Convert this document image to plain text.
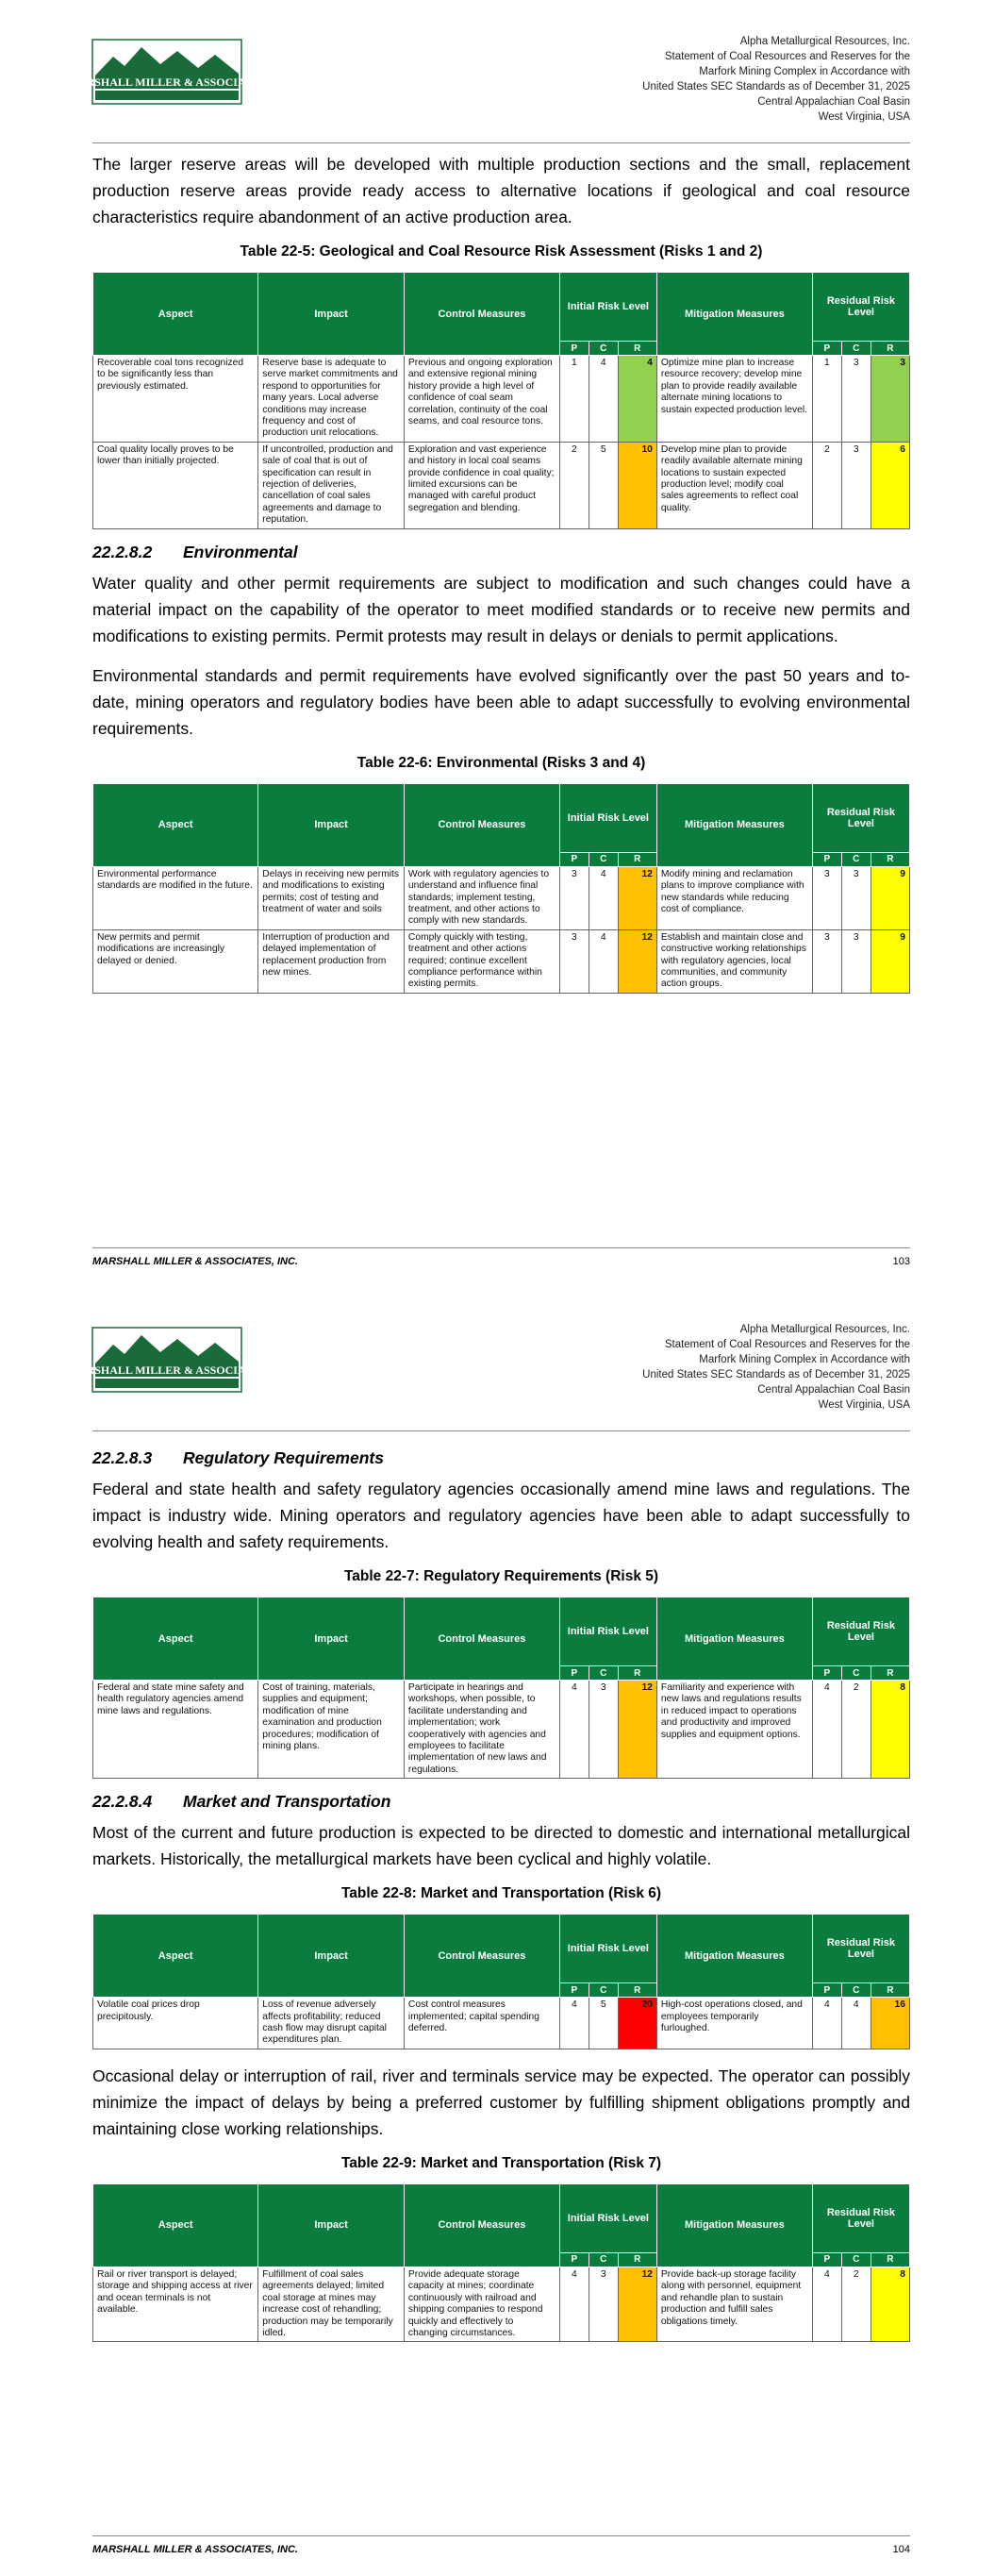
MARSHALL MILLER & ASSOCIATES
Alpha Metallurgical Resources, Inc.
Statement of Coal Resources and Reserves for the
Marfork Mining Complex in Accordance with
United States SEC Standards as of December 31, 2025
Central Appalachian Coal Basin
West Virginia, USA

The larger reserve areas will be developed with multiple production sections and the small, replacement production reserve areas provide ready access to alternative locations if geological and coal resource characteristics require abandonment of an active production area.

Table 22-5: Geological and Coal Resource Risk Assessment (Risks 1 and 2)
Aspect	Impact	Control Measures	Initial Risk Level			Mitigation Measures	Residual Risk Level		
			P	C	R		P	C	R
Recoverable coal tons recognized to be significantly less than previously estimated.	Reserve base is adequate to serve market commitments and respond to opportunities for many years. Local adverse conditions may increase frequency and cost of production unit relocations.	Previous and ongoing exploration and extensive regional mining history provide a high level of confidence of coal seam correlation, continuity of the coal seams, and coal resource tons.	1	4	4	Optimize mine plan to increase resource recovery; develop mine plan to provide readily available alternate mining locations to sustain expected production level.	1	3	3
Coal quality locally proves to be lower than initially projected.	If uncontrolled, production and sale of coal that is out of specification can result in rejection of deliveries, cancellation of coal sales agreements and damage to reputation.	Exploration and vast experience and history in local coal seams provide confidence in coal quality; limited excursions can be managed with careful product segregation and blending.	2	5	10	Develop mine plan to provide readily available alternate mining locations to sustain expected production level; modify coal sales agreements to reflect coal quality.	2	3	6
22.2.8.2 Environmental

Water quality and other permit requirements are subject to modification and such changes could have a material impact on the capability of the operator to meet modified standards or to receive new permits and modifications to existing permits. Permit protests may result in delays or denials to permit applications.

Environmental standards and permit requirements have evolved significantly over the past 50 years and to-date, mining operators and regulatory bodies have been able to adapt successfully to evolving environmental requirements.

Table 22-6: Environmental (Risks 3 and 4)
Aspect	Impact	Control Measures	Initial Risk Level			Mitigation Measures	Residual Risk Level		
			P	C	R		P	C	R
Environmental performance standards are modified in the future.	Delays in receiving new permits and modifications to existing permits; cost of testing and treatment of water and soils	Work with regulatory agencies to understand and influence final standards; implement testing, treatment, and other actions to comply with new standards.	3	4	12	Modify mining and reclamation plans to improve compliance with new standards while reducing cost of compliance.	3	3	9
New permits and permit modifications are increasingly delayed or denied.	Interruption of production and delayed implementation of replacement production from new mines.	Comply quickly with testing, treatment and other actions required; continue excellent compliance performance within existing permits.	3	4	12	Establish and maintain close and constructive working relationships with regulatory agencies, local communities, and community action groups.	3	3	9
MARSHALL MILLER & ASSOCIATES, INC.	103
MARSHALL MILLER & ASSOCIATES
Alpha Metallurgical Resources, Inc.
Statement of Coal Resources and Reserves for the
Marfork Mining Complex in Accordance with
United States SEC Standards as of December 31, 2025
Central Appalachian Coal Basin
West Virginia, USA
22.2.8.3 Regulatory Requirements

Federal and state health and safety regulatory agencies occasionally amend mine laws and regulations. The impact is industry wide. Mining operators and regulatory agencies have been able to adapt successfully to evolving health and safety requirements.

Table 22-7: Regulatory Requirements (Risk 5)
Aspect	Impact	Control Measures	Initial Risk Level			Mitigation Measures	Residual Risk Level		
			P	C	R		P	C	R
Federal and state mine safety and health regulatory agencies amend mine laws and regulations.	Cost of training, materials, supplies and equipment; modification of mine examination and production procedures; modification of mining plans.	Participate in hearings and workshops, when possible, to facilitate understanding and implementation; work cooperatively with agencies and employees to facilitate implementation of new laws and regulations.	4	3	12	Familiarity and experience with new laws and regulations results in reduced impact to operations and productivity and improved supplies and equipment options.	4	2	8
22.2.8.4 Market and Transportation

Most of the current and future production is expected to be directed to domestic and international metallurgical markets. Historically, the metallurgical markets have been cyclical and highly volatile.

Table 22-8: Market and Transportation (Risk 6)
Aspect	Impact	Control Measures	Initial Risk Level			Mitigation Measures	Residual Risk Level		
			P	C	R		P	C	R
Volatile coal prices drop precipitously.	Loss of revenue adversely affects profitability; reduced cash flow may disrupt capital expenditures plan.	Cost control measures implemented; capital spending deferred.	4	5	20	High-cost operations closed, and employees temporarily furloughed.	4	4	16

Occasional delay or interruption of rail, river and terminals service may be expected. The operator can possibly minimize the impact of delays by being a preferred customer by fulfilling shipment obligations promptly and maintaining close working relationships.

Table 22-9: Market and Transportation (Risk 7)
Aspect	Impact	Control Measures	Initial Risk Level			Mitigation Measures	Residual Risk Level		
			P	C	R		P	C	R
Rail or river transport is delayed; storage and shipping access at river and ocean terminals is not available.	Fulfillment of coal sales agreements delayed; limited coal storage at mines may increase cost of rehandling; production may be temporarily idled.	Provide adequate storage capacity at mines; coordinate continuously with railroad and shipping companies to respond quickly and effectively to changing circumstances.	4	3	12	Provide back-up storage facility along with personnel, equipment and rehandle plan to sustain production and fulfill sales obligations timely.	4	2	8
MARSHALL MILLER & ASSOCIATES, INC.	104
